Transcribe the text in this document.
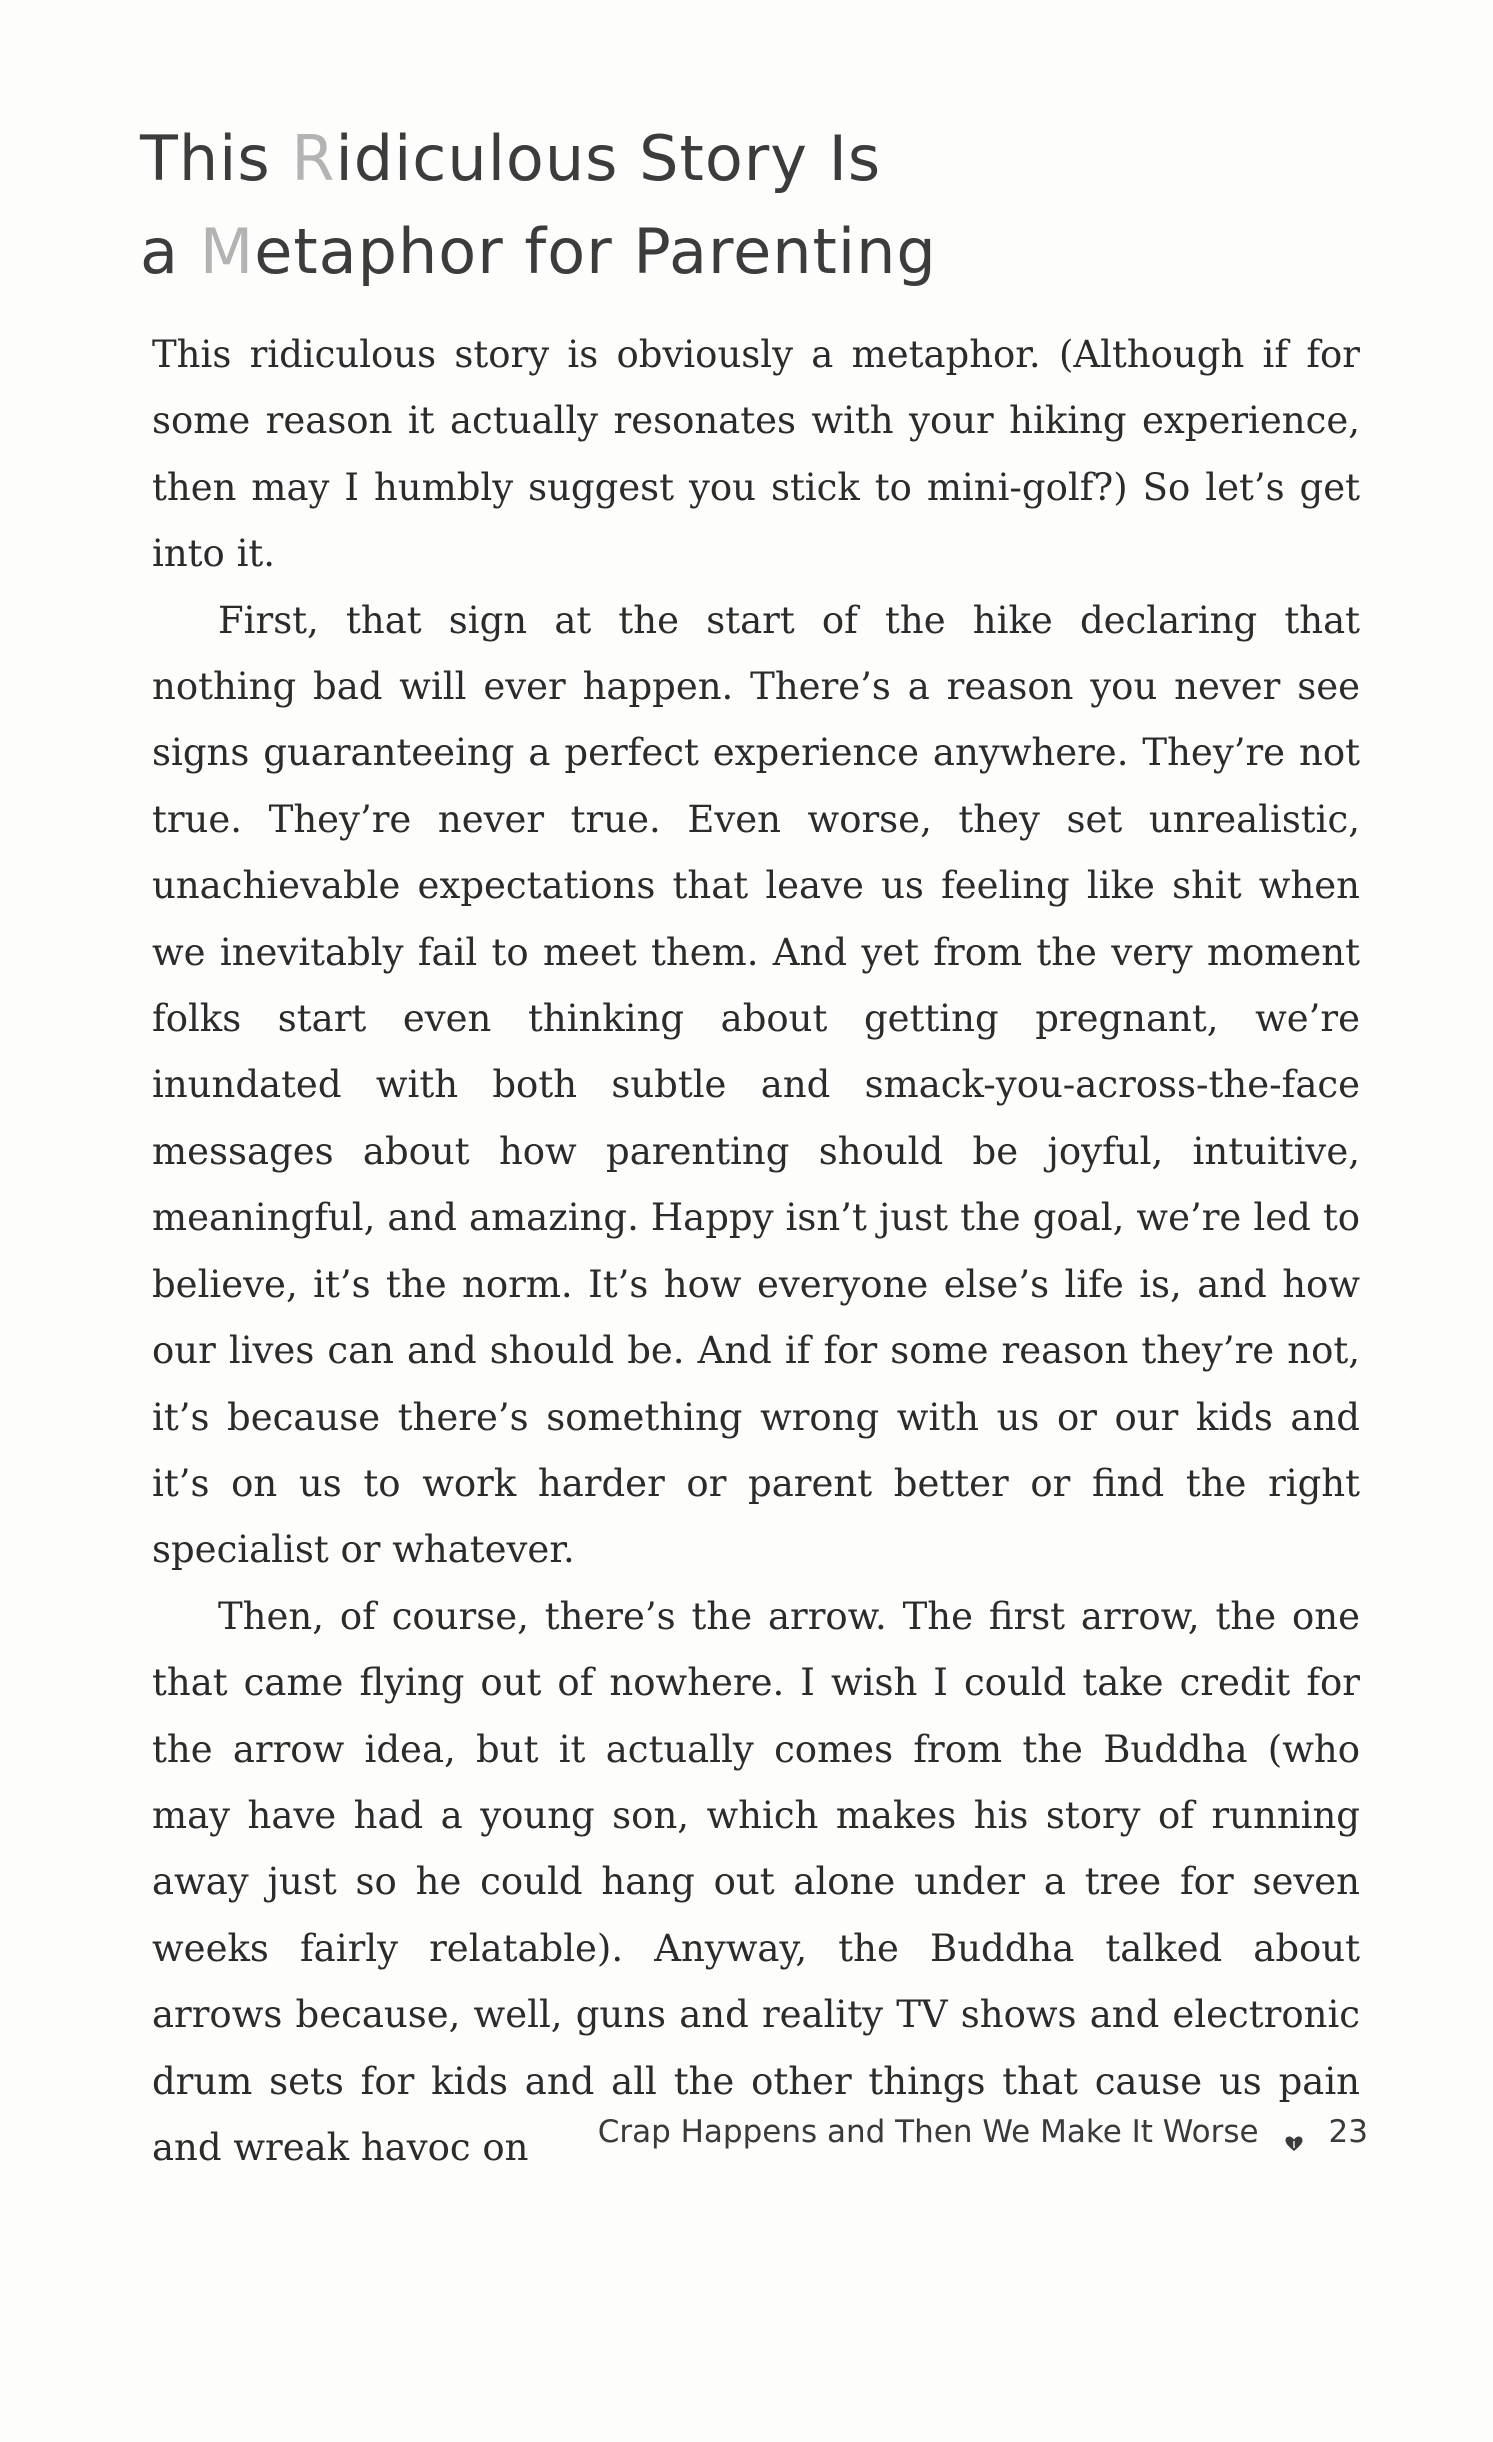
This Ridiculous Story Is
a Metaphor for Parenting

This ridiculous story is obviously a metaphor. (Although if for some reason it actually resonates with your hiking experience, then may I humbly suggest you stick to mini-golf?) So let’s get into it.

First, that sign at the start of the hike declaring that nothing bad will ever happen. There’s a reason you never see signs guaranteeing a perfect experience anywhere. They’re not true. They’re never true. Even worse, they set unrealistic, unachievable expectations that leave us feeling like shit when we inevitably fail to meet them. And yet from the very moment folks start even thinking about getting pregnant, we’re inundated with both subtle and smack-you-across-the-face messages about how parenting should be joyful, intuitive, meaningful, and amazing. Happy isn’t just the goal, we’re led to believe, it’s the norm. It’s how everyone else’s life is, and how our lives can and should be. And if for some reason they’re not, it’s because there’s something wrong with us or our kids and it’s on us to work harder or parent better or find the right specialist or whatever.

Then, of course, there’s the arrow. The first arrow, the one that came flying out of nowhere. I wish I could take credit for the arrow idea, but it actually comes from the Buddha (who may have had a young son, which makes his story of running away just so he could hang out alone under a tree for seven weeks fairly relatable). Anyway, the Buddha talked about arrows because, well, guns and reality TV shows and electronic drum sets for kids and all the other things that cause us pain and wreak havoc on	Crap Happens and Then We Make It Worse 23
